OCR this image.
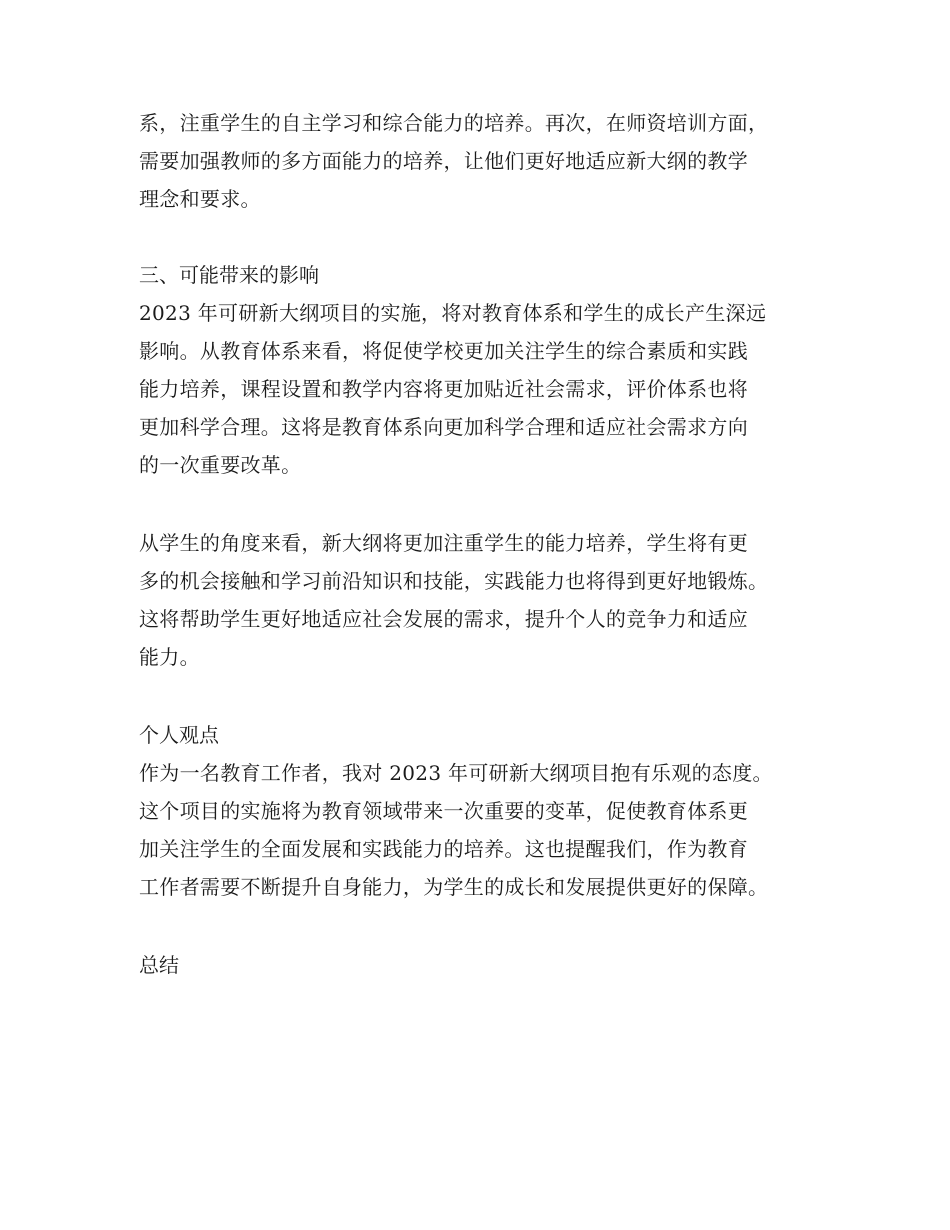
系，注重学生的自主学习和综合能力的培养。再次，在师资培训方面，
需要加强教师的多方面能力的培养，让他们更好地适应新大纲的教学
理念和要求。
三、可能带来的影响
2023 年可研新大纲项目的实施，将对教育体系和学生的成长产生深远
影响。从教育体系来看，将促使学校更加关注学生的综合素质和实践
能力培养，课程设置和教学内容将更加贴近社会需求，评价体系也将
更加科学合理。这将是教育体系向更加科学合理和适应社会需求方向
的一次重要改革。
从学生的角度来看，新大纲将更加注重学生的能力培养，学生将有更
多的机会接触和学习前沿知识和技能，实践能力也将得到更好地锻炼。
这将帮助学生更好地适应社会发展的需求，提升个人的竞争力和适应
能力。
个人观点
作为一名教育工作者，我对 2023 年可研新大纲项目抱有乐观的态度。
这个项目的实施将为教育领域带来一次重要的变革，促使教育体系更
加关注学生的全面发展和实践能力的培养。这也提醒我们，作为教育
工作者需要不断提升自身能力，为学生的成长和发展提供更好的保障。
总结
